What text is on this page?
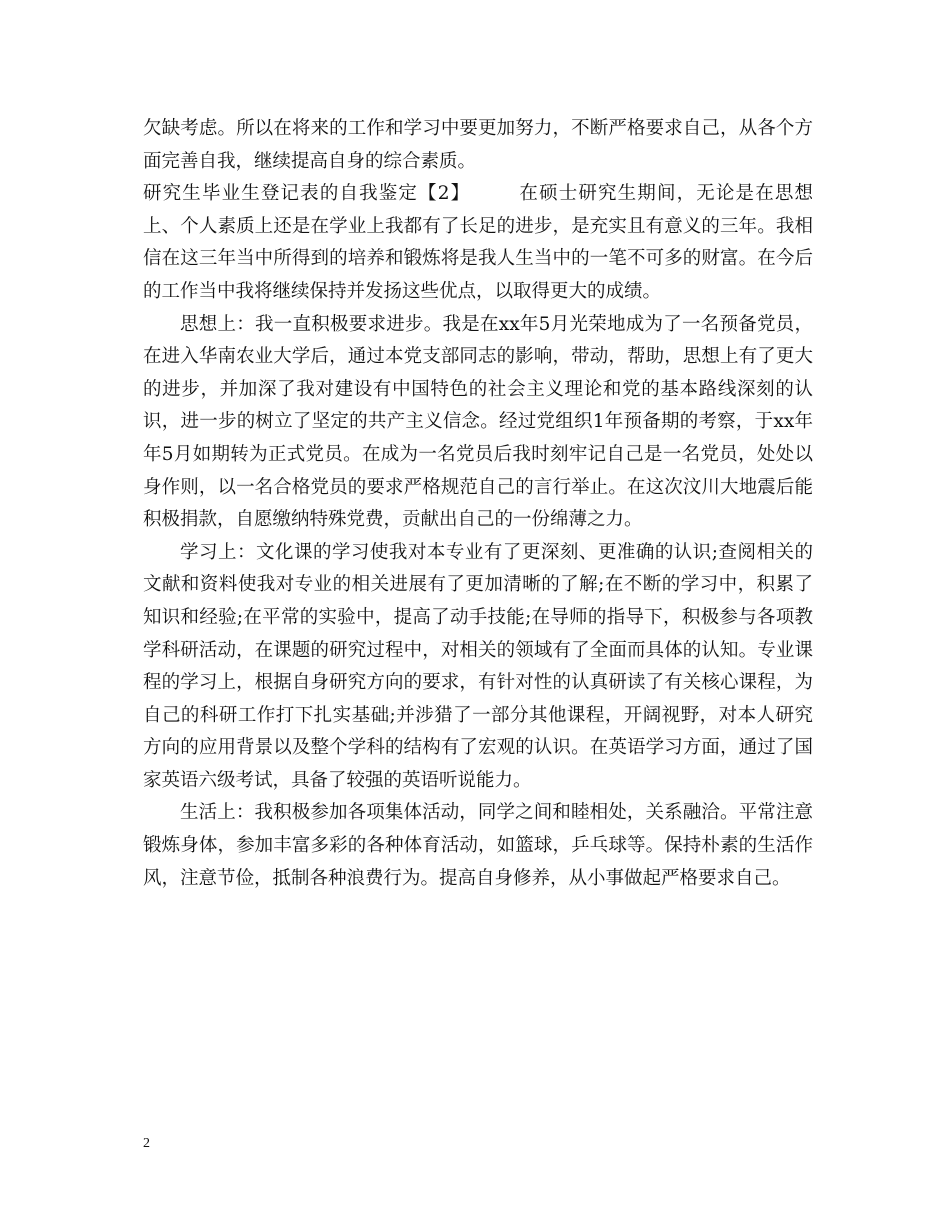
欠缺考虑。所以在将来的工作和学习中要更加努力，不断严格要求自己，从各个方面完善自我，继续提高自身的综合素质。

研究生毕业生登记表的自我鉴定【2】	在硕士研究生期间，无论是在思想上、个人素质上还是在学业上我都有了长足的进步，是充实且有意义的三年。我相信在这三年当中所得到的培养和锻炼将是我人生当中的一笔不可多的财富。在今后的工作当中我将继续保持并发扬这些优点，以取得更大的成绩。

思想上：我一直积极要求进步。我是在xx年5月光荣地成为了一名预备党员，在进入华南农业大学后，通过本党支部同志的影响，带动，帮助，思想上有了更大的进步，并加深了我对建设有中国特色的社会主义理论和党的基本路线深刻的认识，进一步的树立了坚定的共产主义信念。经过党组织1年预备期的考察，于xx年年5月如期转为正式党员。在成为一名党员后我时刻牢记自己是一名党员，处处以身作则，以一名合格党员的要求严格规范自己的言行举止。在这次汶川大地震后能积极捐款，自愿缴纳特殊党费，贡献出自己的一份绵薄之力。

学习上：文化课的学习使我对本专业有了更深刻、更准确的认识;查阅相关的文献和资料使我对专业的相关进展有了更加清晰的了解;在不断的学习中，积累了知识和经验;在平常的实验中，提高了动手技能;在导师的指导下，积极参与各项教学科研活动，在课题的研究过程中，对相关的领域有了全面而具体的认知。专业课程的学习上，根据自身研究方向的要求，有针对性的认真研读了有关核心课程，为自己的科研工作打下扎实基础;并涉猎了一部分其他课程，开阔视野，对本人研究方向的应用背景以及整个学科的结构有了宏观的认识。在英语学习方面，通过了国家英语六级考试，具备了较强的英语听说能力。

生活上：我积极参加各项集体活动，同学之间和睦相处，关系融洽。平常注意锻炼身体，参加丰富多彩的各种体育活动，如篮球，乒乓球等。保持朴素的生活作风，注意节俭，抵制各种浪费行为。提高自身修养，从小事做起严格要求自己。

2
